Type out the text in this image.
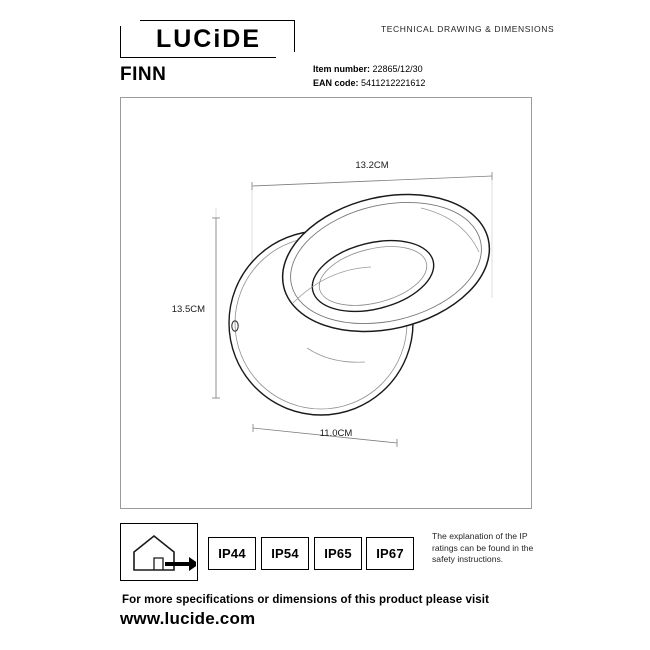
LUCiDE	TECHNICAL DRAWING & DIMENSIONS
FINN	Item number: 22865/12/30
EAN code: 5411212221612
13.2CM
13.5CM
11.0CM
IP44	IP54	IP65	IP67
The explanation of the IP ratings can be found in the safety instructions.
For more specifications or dimensions of this product please visit
www.lucide.com
